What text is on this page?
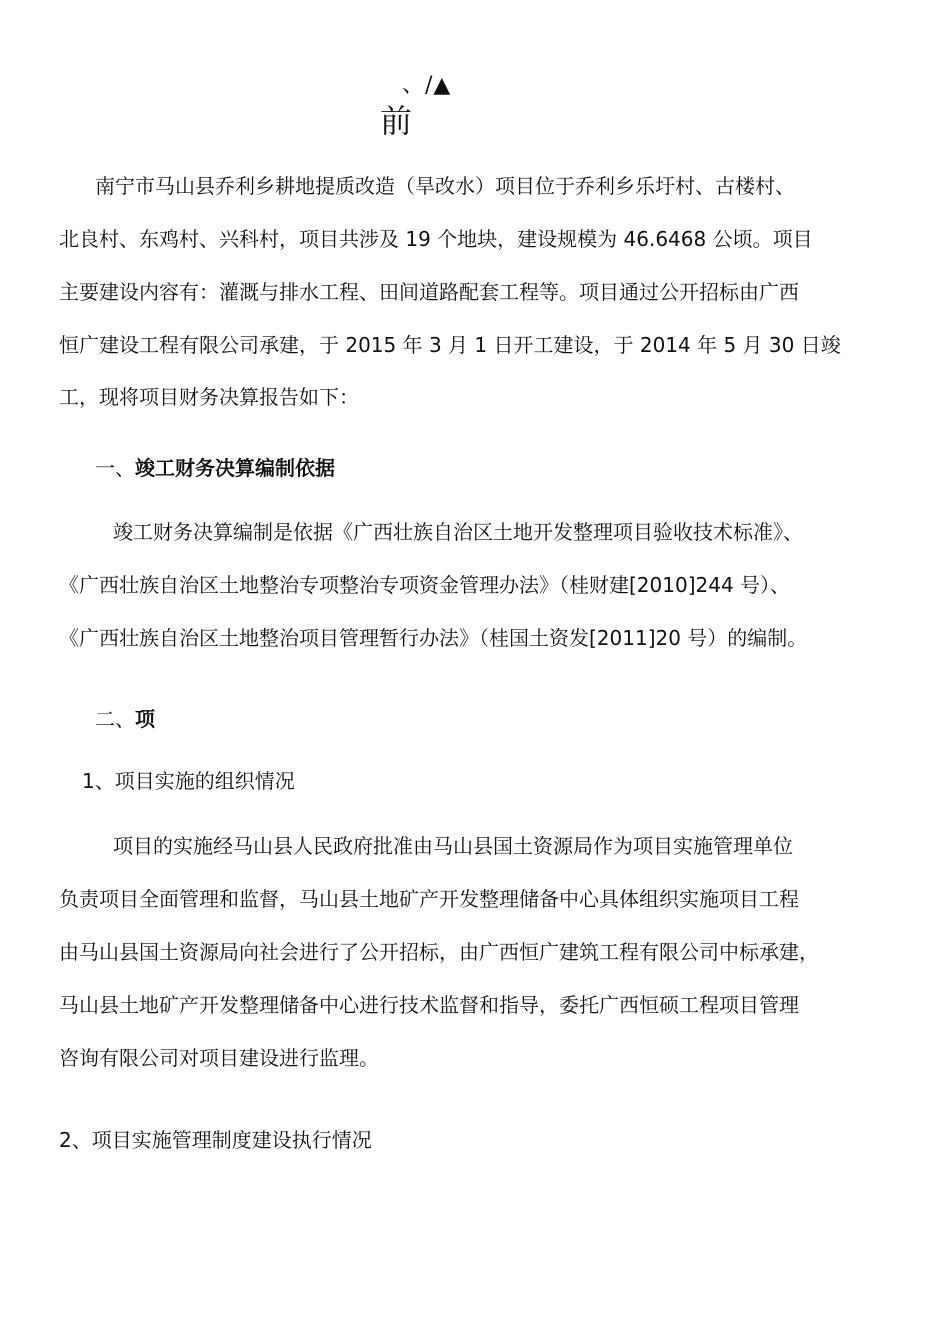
、/▲
前
南宁市马山县乔利乡耕地提质改造（旱改水）项目位于乔利乡乐圩村、古楼村、
北良村、东鸡村、兴科村，项目共涉及 19 个地块，建设规模为 46.6468 公顷。项目
主要建设内容有：灌溉与排水工程、田间道路配套工程等。项目通过公开招标由广西
恒广建设工程有限公司承建，于 2015 年 3 月 1 日开工建设，于 2014 年 5 月 30 日竣
工，现将项目财务决算报告如下：
一、竣工财务决算编制依据
竣工财务决算编制是依据《广西壮族自治区土地开发整理项目验收技术标准》、
《广西壮族自治区土地整治专项整治专项资金管理办法》（桂财建[2010]244 号）、
《广西壮族自治区土地整治项目管理暂行办法》（桂国土资发[2011]20 号）的编制。
二、项
1、项目实施的组织情况
项目的实施经马山县人民政府批准由马山县国土资源局作为项目实施管理单位
负责项目全面管理和监督，马山县土地矿产开发整理储备中心具体组织实施项目工程
由马山县国土资源局向社会进行了公开招标，由广西恒广建筑工程有限公司中标承建，
马山县土地矿产开发整理储备中心进行技术监督和指导，委托广西恒硕工程项目管理
咨询有限公司对项目建设进行监理。
2、项目实施管理制度建设执行情况
